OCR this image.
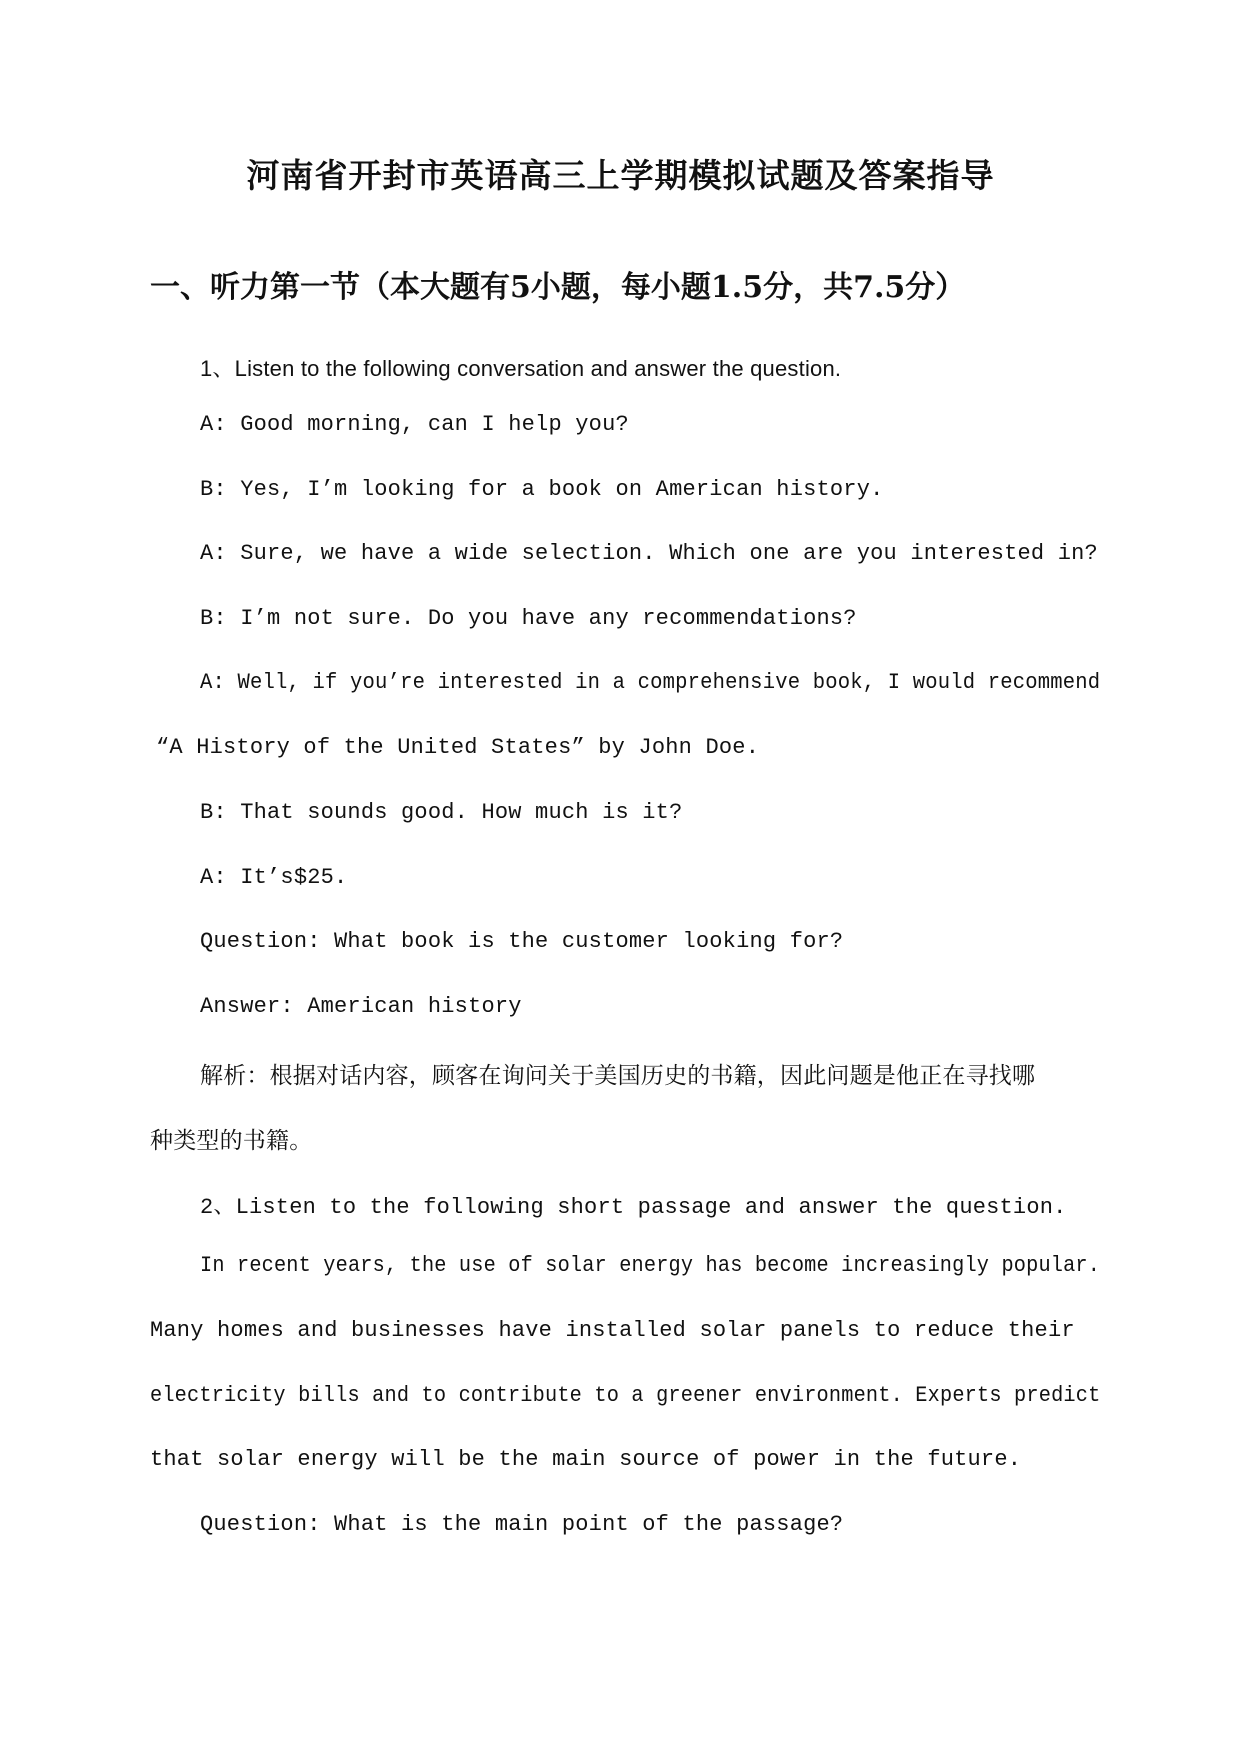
河南省开封市英语高三上学期模拟试题及答案指导
一、听力第一节（本大题有5小题，每小题1.5分，共7.5分）
1、Listen to the following conversation and answer the question.
A: Good morning, can I help you?
B: Yes, I’m looking for a book on American history.
A: Sure, we have a wide selection. Which one are you interested in?
B: I’m not sure. Do you have any recommendations?
A: Well, if you’re interested in a comprehensive book, I would recommend
“A History of the United States” by John Doe.
B: That sounds good. How much is it?
A: It’s$25.
Question: What book is the customer looking for?
Answer: American history
解析：根据对话内容，顾客在询问关于美国历史的书籍，因此问题是他正在寻找哪
种类型的书籍。
2、Listen to the following short passage and answer the question.
In recent years, the use of solar energy has become increasingly popular.
Many homes and businesses have installed solar panels to reduce their
electricity bills and to contribute to a greener environment. Experts predict
that solar energy will be the main source of power in the future.
Question: What is the main point of the passage?
